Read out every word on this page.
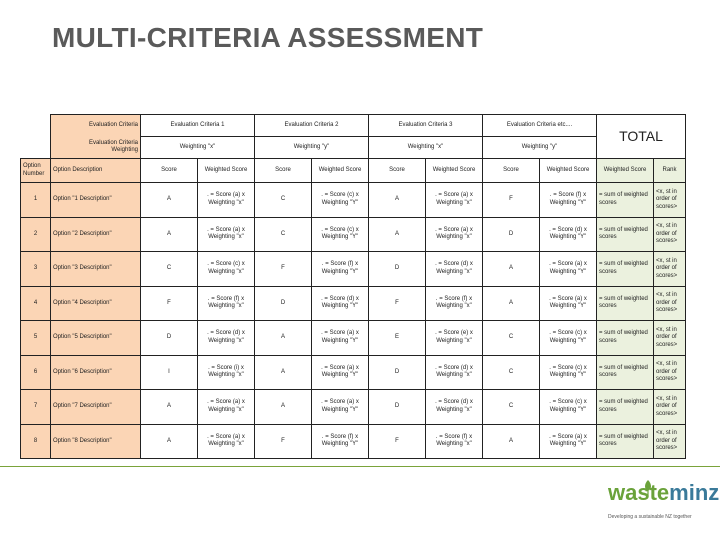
MULTI-CRITERIA ASSESSMENT
	Evaluation Criteria	Evaluation Criteria 1		Evaluation Criteria 2		Evaluation Criteria 3		Evaluation Criteria etc....		TOTAL	

	Evaluation Criteria
Weighting	Weighting "x"		Weighting "y"		Weighting "x"		Weighting "y"			
Option Number	Option Description	Score	Weighted Score	Score	Weighted Score	Score	Weighted Score	Score	Weighted Score	Weighted Score	Rank
1	Option "1 Description"	A	. = Score (a) x Weighting "x"	C	. = Score (c) x Weighting "Y"	A	. = Score (a) x Weighting "x"	F	. = Score (f) x Weighting "Y"	= sum of weighted scores	<x, st in order of scores>
2	Option "2 Description"	A	. = Score (a) x Weighting "x"	C	. = Score (c) x Weighting "Y"	A	. = Score (a) x Weighting "x"	D	. = Score (d) x Weighting "Y"	= sum of weighted scores	<x, st in order of scores>
3	Option "3 Description"	C	. = Score (c) x Weighting "x"	F	. = Score (f) x Weighting "Y"	D	. = Score (d) x Weighting "x"	A	. = Score (a) x Weighting "Y"	= sum of weighted scores	<x, st in order of scores>
4	Option "4 Description"	F	. = Score (f) x Weighting "x"	D	. = Score (d) x Weighting "Y"	F	. = Score (f) x Weighting "x"	A	. = Score (a) x Weighting "Y"	= sum of weighted scores	<x, st in order of scores>
5	Option "5 Description"	D	. = Score (d) x Weighting "x"	A	. = Score (a) x Weighting "Y"	E	. = Score (e) x Weighting "x"	C	. = Score (c) x Weighting "Y"	= sum of weighted scores	<x, st in order of scores>
6	Option "6 Description"	I	. = Score (i) x Weighting "x"	A	. = Score (a) x Weighting "Y"	D	. = Score (d) x Weighting "x"	C	. = Score (c) x Weighting "Y"	= sum of weighted scores	<x, st in order of scores>
7	Option "7 Description"	A	. = Score (a) x Weighting "x"	A	. = Score (a) x Weighting "Y"	D	. = Score (d) x Weighting "x"	C	. = Score (c) x Weighting "Y"	= sum of weighted scores	<x, st in order of scores>
8	Option "8 Description"	A	. = Score (a) x Weighting "x"	F	. = Score (f) x Weighting "Y"	F	. = Score (f) x Weighting "x"	A	. = Score (a) x Weighting "Y"	= sum of weighted scores	<x, st in order of scores>
wasteminz
Developing a sustainable NZ together
